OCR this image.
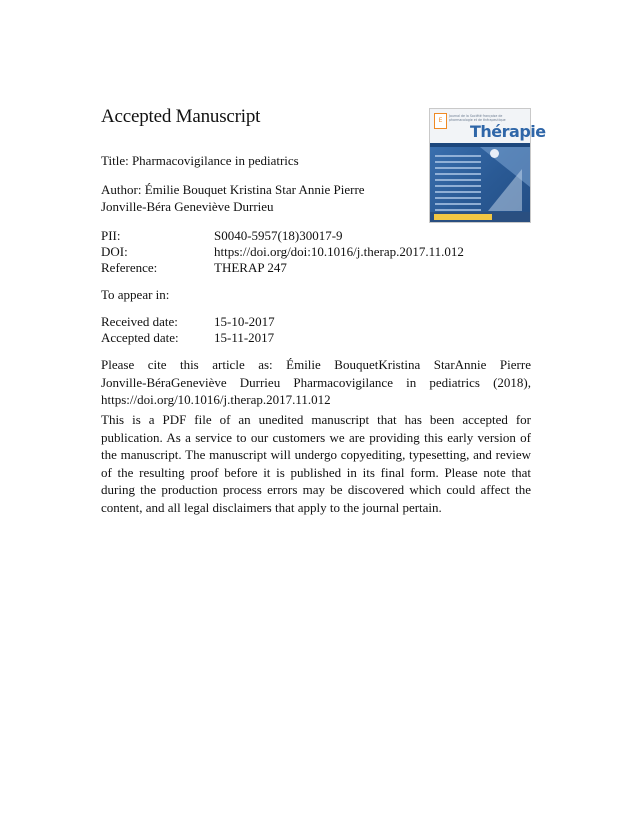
Accepted Manuscript
Title: Pharmacovigilance in pediatrics
Author: Émilie Bouquet Kristina Star Annie Pierre
Jonville-Béra Geneviève Durrieu
PII:	S0040-5957(18)30017-9
DOI:	https://doi.org/doi:10.1016/j.therap.2017.11.012
Reference:	THERAP 247
To appear in:
Received date:	15-10-2017
Accepted date:	15-11-2017
Please cite this article as: Émilie BouquetKristina StarAnnie Pierre
Jonville-BéraGeneviève Durrieu Pharmacovigilance in pediatrics (2018),
https://doi.org/10.1016/j.therap.2017.11.012
This is a PDF file of an unedited manuscript that has been accepted for publication. As a service to our customers we are providing this early version of the manuscript. The manuscript will undergo copyediting, typesetting, and review of the resulting proof before it is published in its final form. Please note that during the production process errors may be discovered which could affect the content, and all legal disclaimers that apply to the journal pertain.
E
Journal de la Société française de pharmacologie et de thérapeutique
Thérapie
